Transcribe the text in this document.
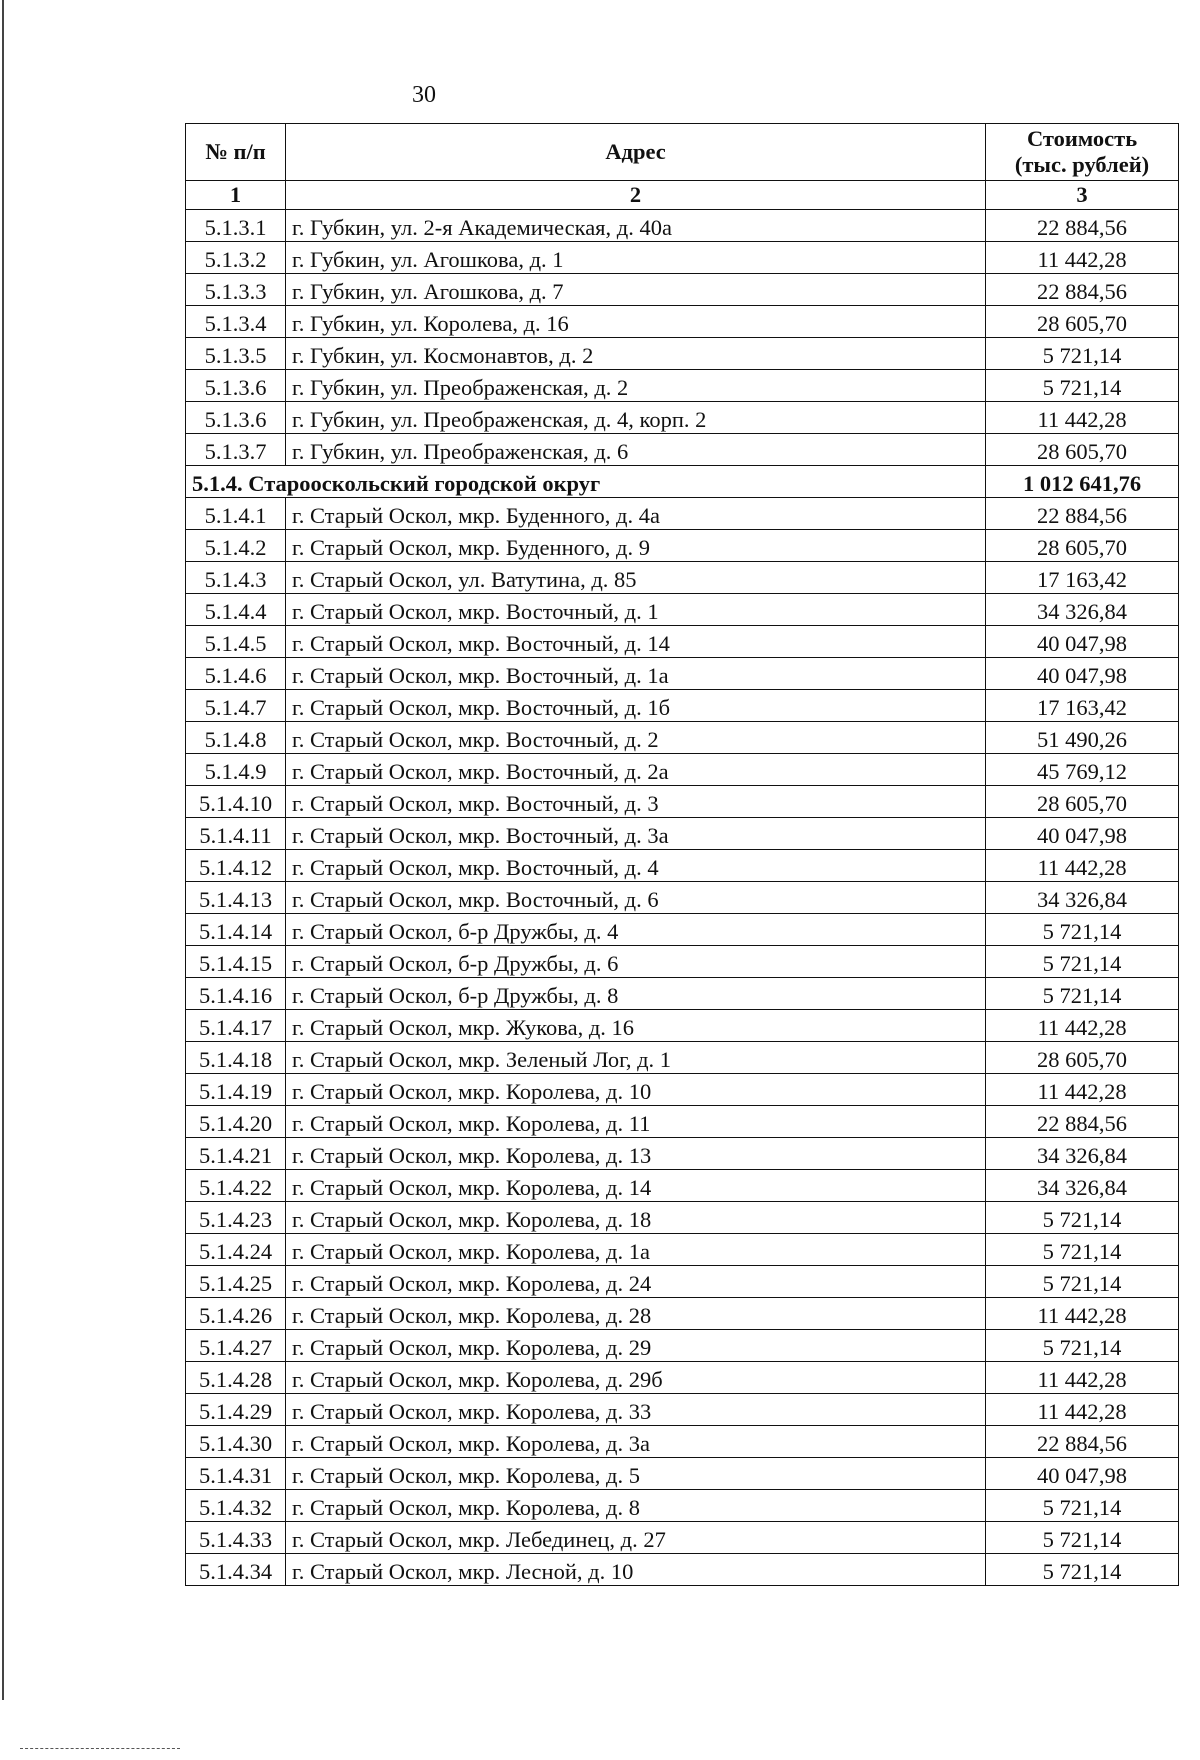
30
№ п/п	Адрес	Стоимость
(тыс. рублей)

1	2	3
5.1.3.1	г. Губкин, ул. 2-я Академическая, д. 40а	22 884,56
5.1.3.2	г. Губкин, ул. Агошкова, д. 1	11 442,28
5.1.3.3	г. Губкин, ул. Агошкова, д. 7	22 884,56
5.1.3.4	г. Губкин, ул. Королева, д. 16	28 605,70
5.1.3.5	г. Губкин, ул. Космонавтов, д. 2	5 721,14
5.1.3.6	г. Губкин, ул. Преображенская, д. 2	5 721,14
5.1.3.6	г. Губкин, ул. Преображенская, д. 4, корп. 2	11 442,28
5.1.3.7	г. Губкин, ул. Преображенская, д. 6	28 605,70
5.1.4. Старооскольский городской округ		1 012 641,76
5.1.4.1	г. Старый Оскол, мкр. Буденного, д. 4а	22 884,56
5.1.4.2	г. Старый Оскол, мкр. Буденного, д. 9	28 605,70
5.1.4.3	г. Старый Оскол, ул. Ватутина, д. 85	17 163,42
5.1.4.4	г. Старый Оскол, мкр. Восточный, д. 1	34 326,84
5.1.4.5	г. Старый Оскол, мкр. Восточный, д. 14	40 047,98
5.1.4.6	г. Старый Оскол, мкр. Восточный, д. 1а	40 047,98
5.1.4.7	г. Старый Оскол, мкр. Восточный, д. 1б	17 163,42
5.1.4.8	г. Старый Оскол, мкр. Восточный, д. 2	51 490,26
5.1.4.9	г. Старый Оскол, мкр. Восточный, д. 2а	45 769,12
5.1.4.10	г. Старый Оскол, мкр. Восточный, д. 3	28 605,70
5.1.4.11	г. Старый Оскол, мкр. Восточный, д. 3а	40 047,98
5.1.4.12	г. Старый Оскол, мкр. Восточный, д. 4	11 442,28
5.1.4.13	г. Старый Оскол, мкр. Восточный, д. 6	34 326,84
5.1.4.14	г. Старый Оскол, б-р Дружбы, д. 4	5 721,14
5.1.4.15	г. Старый Оскол, б-р Дружбы, д. 6	5 721,14
5.1.4.16	г. Старый Оскол, б-р Дружбы, д. 8	5 721,14
5.1.4.17	г. Старый Оскол, мкр. Жукова, д. 16	11 442,28
5.1.4.18	г. Старый Оскол, мкр. Зеленый Лог, д. 1	28 605,70
5.1.4.19	г. Старый Оскол, мкр. Королева, д. 10	11 442,28
5.1.4.20	г. Старый Оскол, мкр. Королева, д. 11	22 884,56
5.1.4.21	г. Старый Оскол, мкр. Королева, д. 13	34 326,84
5.1.4.22	г. Старый Оскол, мкр. Королева, д. 14	34 326,84
5.1.4.23	г. Старый Оскол, мкр. Королева, д. 18	5 721,14
5.1.4.24	г. Старый Оскол, мкр. Королева, д. 1а	5 721,14
5.1.4.25	г. Старый Оскол, мкр. Королева, д. 24	5 721,14
5.1.4.26	г. Старый Оскол, мкр. Королева, д. 28	11 442,28
5.1.4.27	г. Старый Оскол, мкр. Королева, д. 29	5 721,14
5.1.4.28	г. Старый Оскол, мкр. Королева, д. 29б	11 442,28
5.1.4.29	г. Старый Оскол, мкр. Королева, д. 33	11 442,28
5.1.4.30	г. Старый Оскол, мкр. Королева, д. 3а	22 884,56
5.1.4.31	г. Старый Оскол, мкр. Королева, д. 5	40 047,98
5.1.4.32	г. Старый Оскол, мкр. Королева, д. 8	5 721,14
5.1.4.33	г. Старый Оскол, мкр. Лебединец, д. 27	5 721,14
5.1.4.34	г. Старый Оскол, мкр. Лесной, д. 10	5 721,14
